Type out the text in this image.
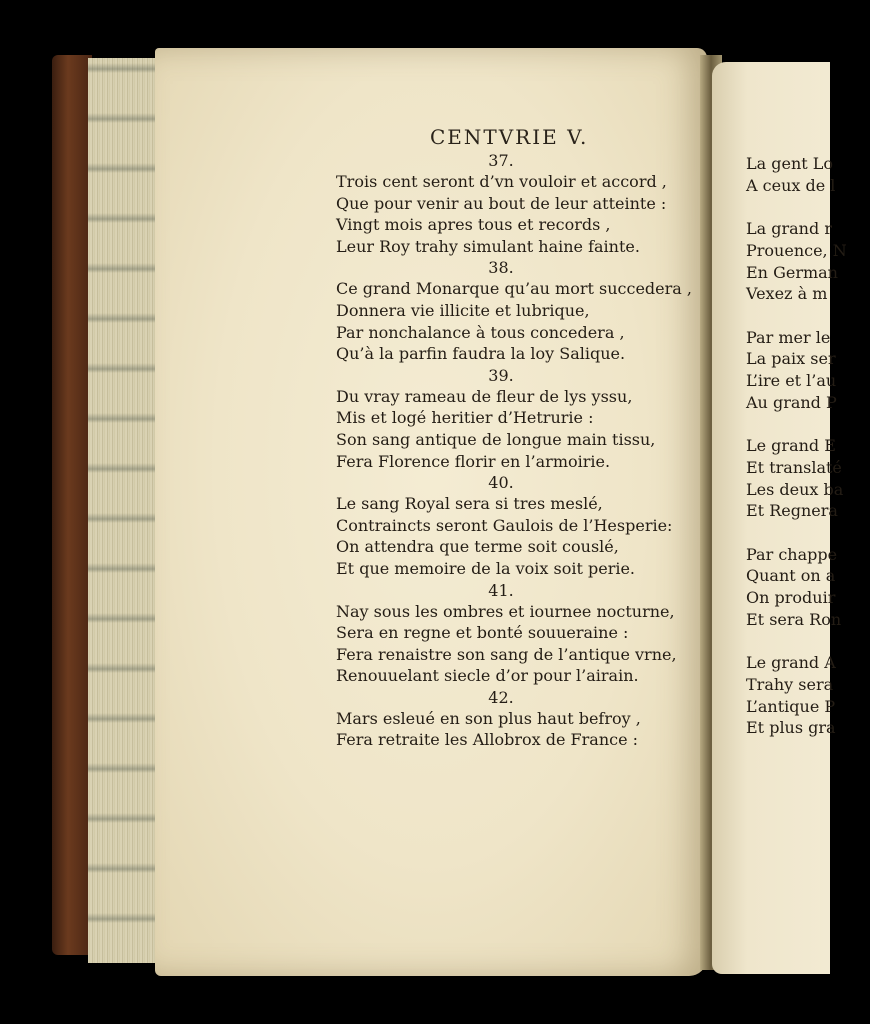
La gent Lo
A ceux de l
La grand r
Prouence, N
En German
Vexez à m
Par mer le
La paix ser
L’ire et l’au
Au grand P
Le grand E
Et translaté
Les deux ba
Et Regnera
Par chappe
Quant on a
On produir
Et sera Ron
Le grand A
Trahy sera
L’antique P
Et plus gra
CENTVRIE V.
37.
Trois cent seront d’vn vouloir et accord ,
Que pour venir au bout de leur atteinte :
Vingt mois apres tous et records ,
Leur Roy trahy simulant haine fainte.
38.
Ce grand Monarque qu’au mort succedera ,
Donnera vie illicite et lubrique,
Par nonchalance à tous concedera ,
Qu’à la parfin faudra la loy Salique.
39.
Du vray rameau de fleur de lys yssu,
Mis et logé heritier d’Hetrurie :
Son sang antique de longue main tissu,
Fera Florence florir en l’armoirie.
40.
Le sang Royal sera si tres meslé,
Contraincts seront Gaulois de l’Hesperie:
On attendra que terme soit couslé,
Et que memoire de la voix soit perie.
41.
Nay sous les ombres et iournee nocturne,
Sera en regne et bonté souueraine :
Fera renaistre son sang de l’antique vrne,
Renouuelant siecle d’or pour l’airain.
42.
Mars esleué en son plus haut befroy ,
Fera retraite les Allobrox de France :
